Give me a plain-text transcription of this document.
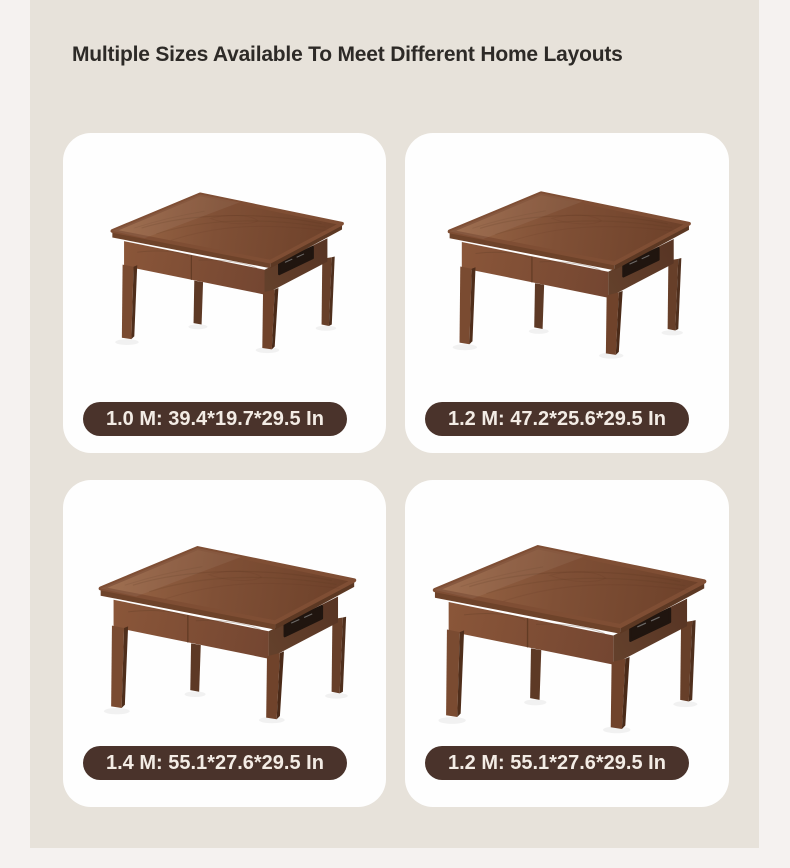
Multiple Sizes Available To Meet Different Home Layouts
1.0 M: 39.4*19.7*29.5 In	1.2 M: 47.2*25.6*29.5 In
1.4 M: 55.1*27.6*29.5 In	1.2 M: 55.1*27.6*29.5 In
